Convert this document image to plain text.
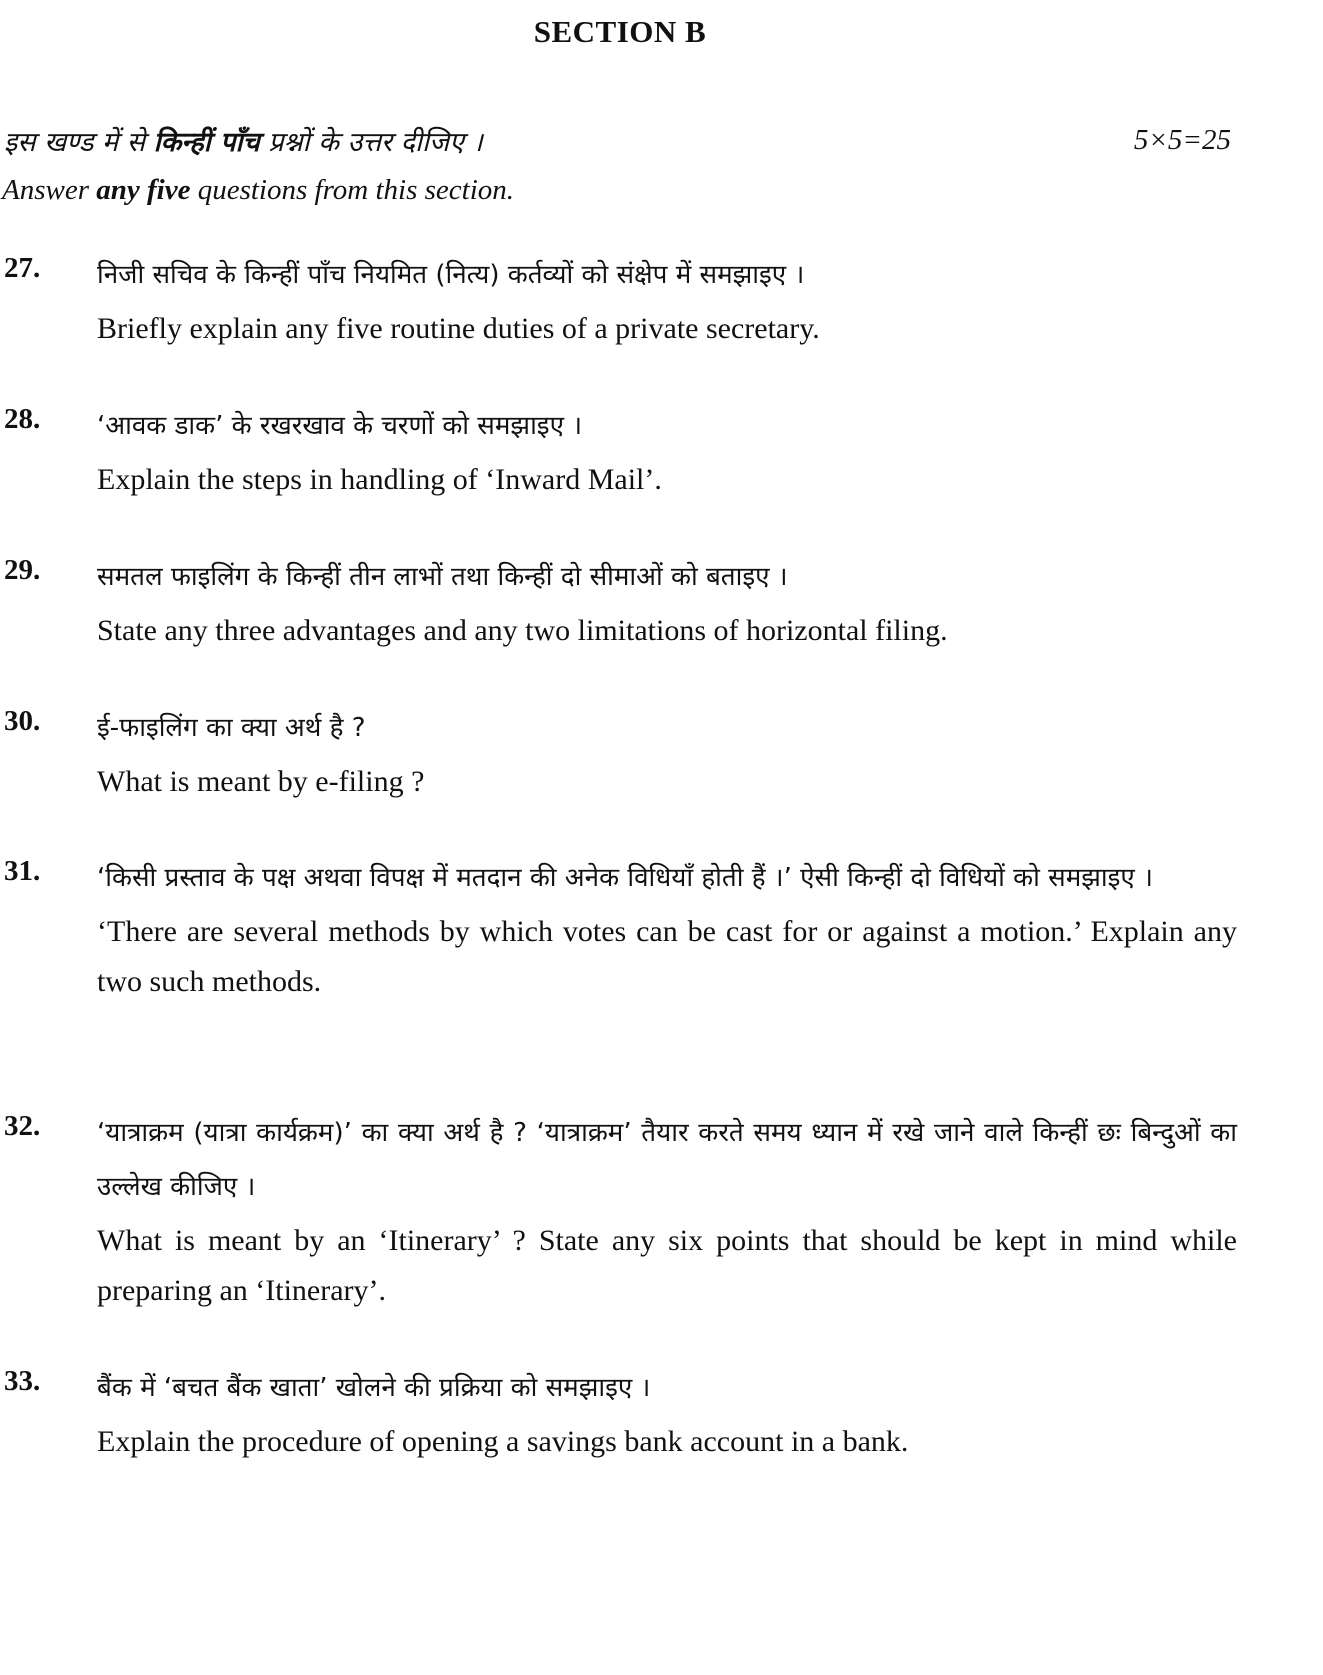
SECTION B
इस खण्ड में से किन्हीं पाँच प्रश्नों के उत्तर दीजिए ।	5×5=25
Answer any five questions from this section.
27. निजी सचिव के किन्हीं पाँच नियमित (नित्य) कर्तव्यों को संक्षेप में समझाइए ।
Briefly explain any five routine duties of a private secretary.
28. ‘आवक डाक’ के रखरखाव के चरणों को समझाइए ।
Explain the steps in handling of ‘Inward Mail’.
29. समतल फाइलिंग के किन्हीं तीन लाभों तथा किन्हीं दो सीमाओं को बताइए ।
State any three advantages and any two limitations of horizontal filing.
30. ई-फाइलिंग का क्या अर्थ है ?
What is meant by e-filing ?
31. ‘किसी प्रस्ताव के पक्ष अथवा विपक्ष में मतदान की अनेक विधियाँ होती हैं ।’ ऐसी किन्हीं दो विधियों को समझाइए ।
‘There are several methods by which votes can be cast for or against a motion.’ Explain any two such methods.
32. ‘यात्राक्रम (यात्रा कार्यक्रम)’ का क्या अर्थ है ? ‘यात्राक्रम’ तैयार करते समय ध्यान में रखे जाने वाले किन्हीं छः बिन्दुओं का उल्लेख कीजिए ।
What is meant by an ‘Itinerary’ ? State any six points that should be kept in mind while preparing an ‘Itinerary’.
33. बैंक में ‘बचत बैंक खाता’ खोलने की प्रक्रिया को समझाइए ।
Explain the procedure of opening a savings bank account in a bank.
